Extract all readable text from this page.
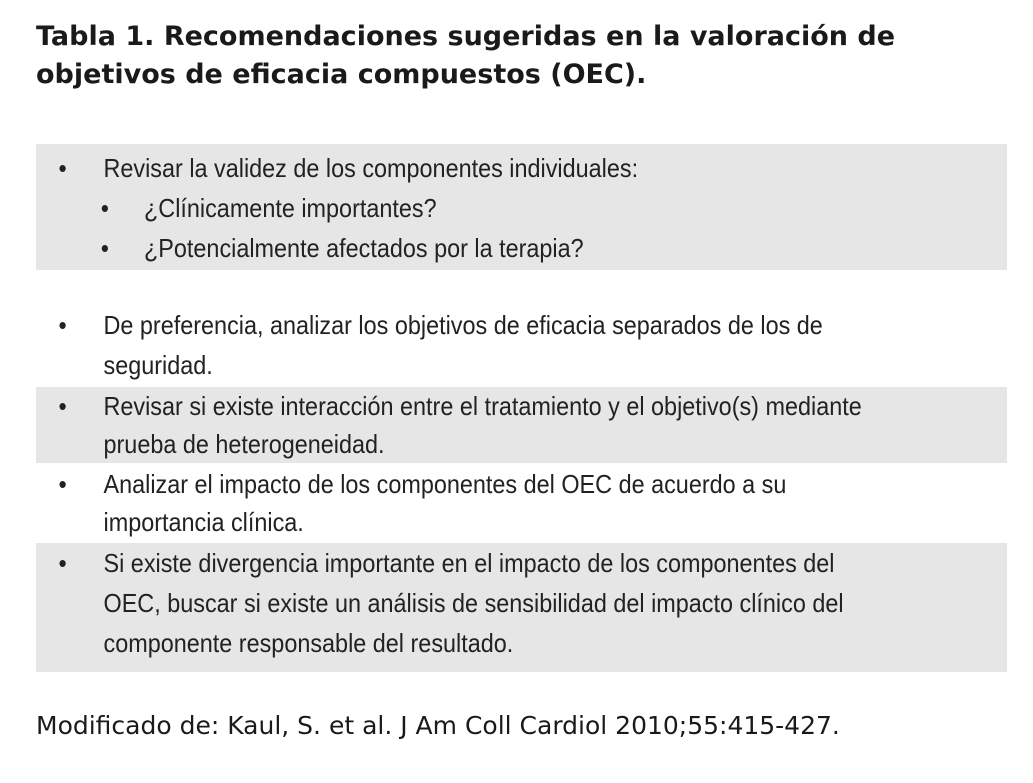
Tabla 1. Recomendaciones sugeridas en la valoración de objetivos de eficacia compuestos (OEC).
• Revisar la validez de los componentes individuales:
• ¿Clínicamente importantes?
• ¿Potencialmente afectados por la terapia?
• De preferencia, analizar los objetivos de eficacia separados de los de
seguridad.
• Revisar si existe interacción entre el tratamiento y el objetivo(s) mediante
prueba de heterogeneidad.
• Analizar el impacto de los componentes del OEC de acuerdo a su
importancia clínica.
• Si existe divergencia importante en el impacto de los componentes del
OEC, buscar si existe un análisis de sensibilidad del impacto clínico del
componente responsable del resultado.
Modificado de: Kaul, S. et al. J Am Coll Cardiol 2010;55:415-427.
